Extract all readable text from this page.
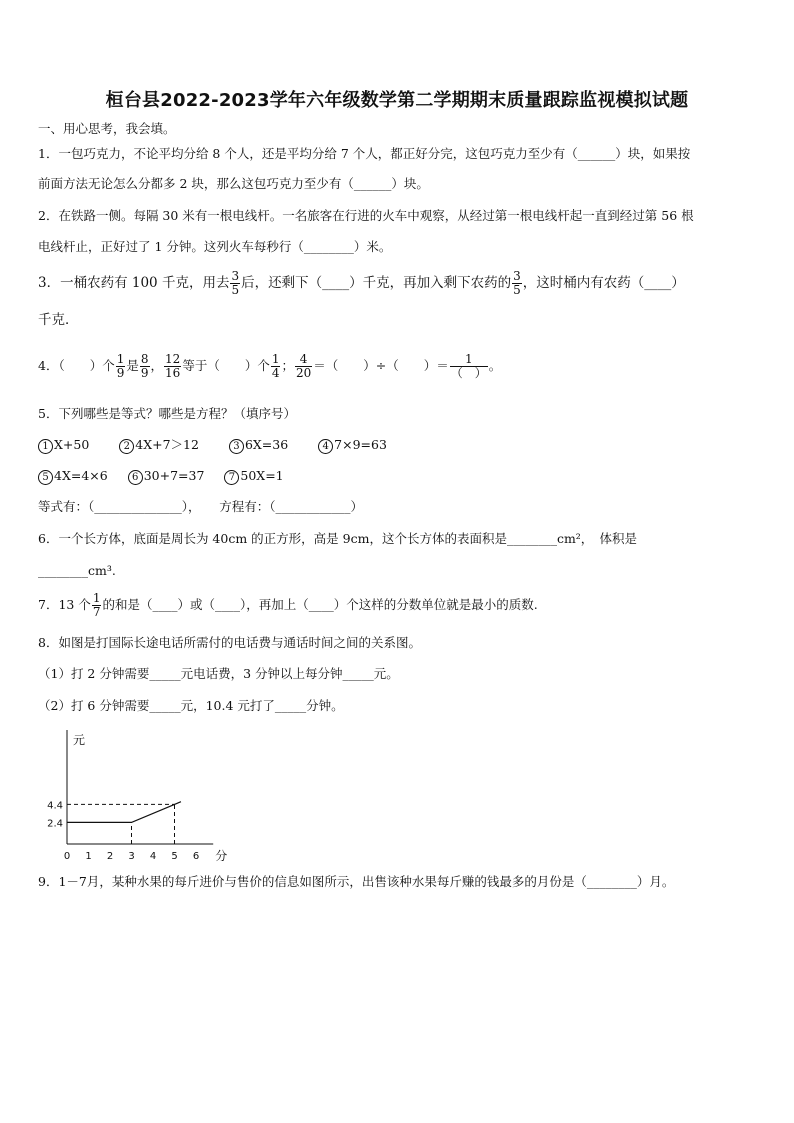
桓台县2022-2023学年六年级数学第二学期期末质量跟踪监视模拟试题
一、用心思考，我会填。
1．一包巧克力，不论平均分给 8 个人，还是平均分给 7 个人，都正好分完，这包巧克力至少有（______）块，如果按
前面方法无论怎么分都多 2 块，那么这包巧克力至少有（______）块。
2．在铁路一侧。每隔 30 米有一根电线杆。一名旅客在行进的火车中观察，从经过第一根电线杆起一直到经过第 56 根
电线杆止，正好过了 1 分钟。这列火车每秒行（________）米。
3．一桶农药有 100 千克，用去 $\frac{3}{5}$ 后，还剩下（____）千克，再加入剩下农药的 $\frac{3}{5}$ ，这时桶内有农药（____）
千克．
4．（　　）个 $\frac{1}{9}$ 是 $\frac{8}{9}$ ， $\frac{12}{16}$ 等于（　　）个 $\frac{1}{4}$ ； $\frac{4}{20}$ ＝（　　）÷（　　）＝ $\frac{1}{( )}$ 。
5．下列哪些是等式？哪些是方程？（填序号）
1 X+50	2 4X+7＞12	3 6X=36	4 7×9=63
5 4X=4×6 6 30+7=37 7 50X=1
等式有：（______________），　　方程有：（____________）
6．一个长方体，底面是周长为 40cm 的正方形，高是 9cm，这个长方体的表面积是________cm²，　体积是
________cm³.
7．13 个 $\frac{1}{7}$ 的和是（____）或（____），再加上（____）个这样的分数单位就是最小的质数.
8．如图是打国际长途电话所需付的电话费与通话时间之间的关系图。
（1）打 2 分钟需要_____元电话费，3 分钟以上每分钟_____元。
（2）打 6 分钟需要_____元，10.4 元打了_____分钟。
元
分
0 1 2 3 4 5 6
2.4
4.4
9．1－7月，某种水果的每斤进价与售价的信息如图所示，出售该种水果每斤赚的钱最多的月份是（________）月。
